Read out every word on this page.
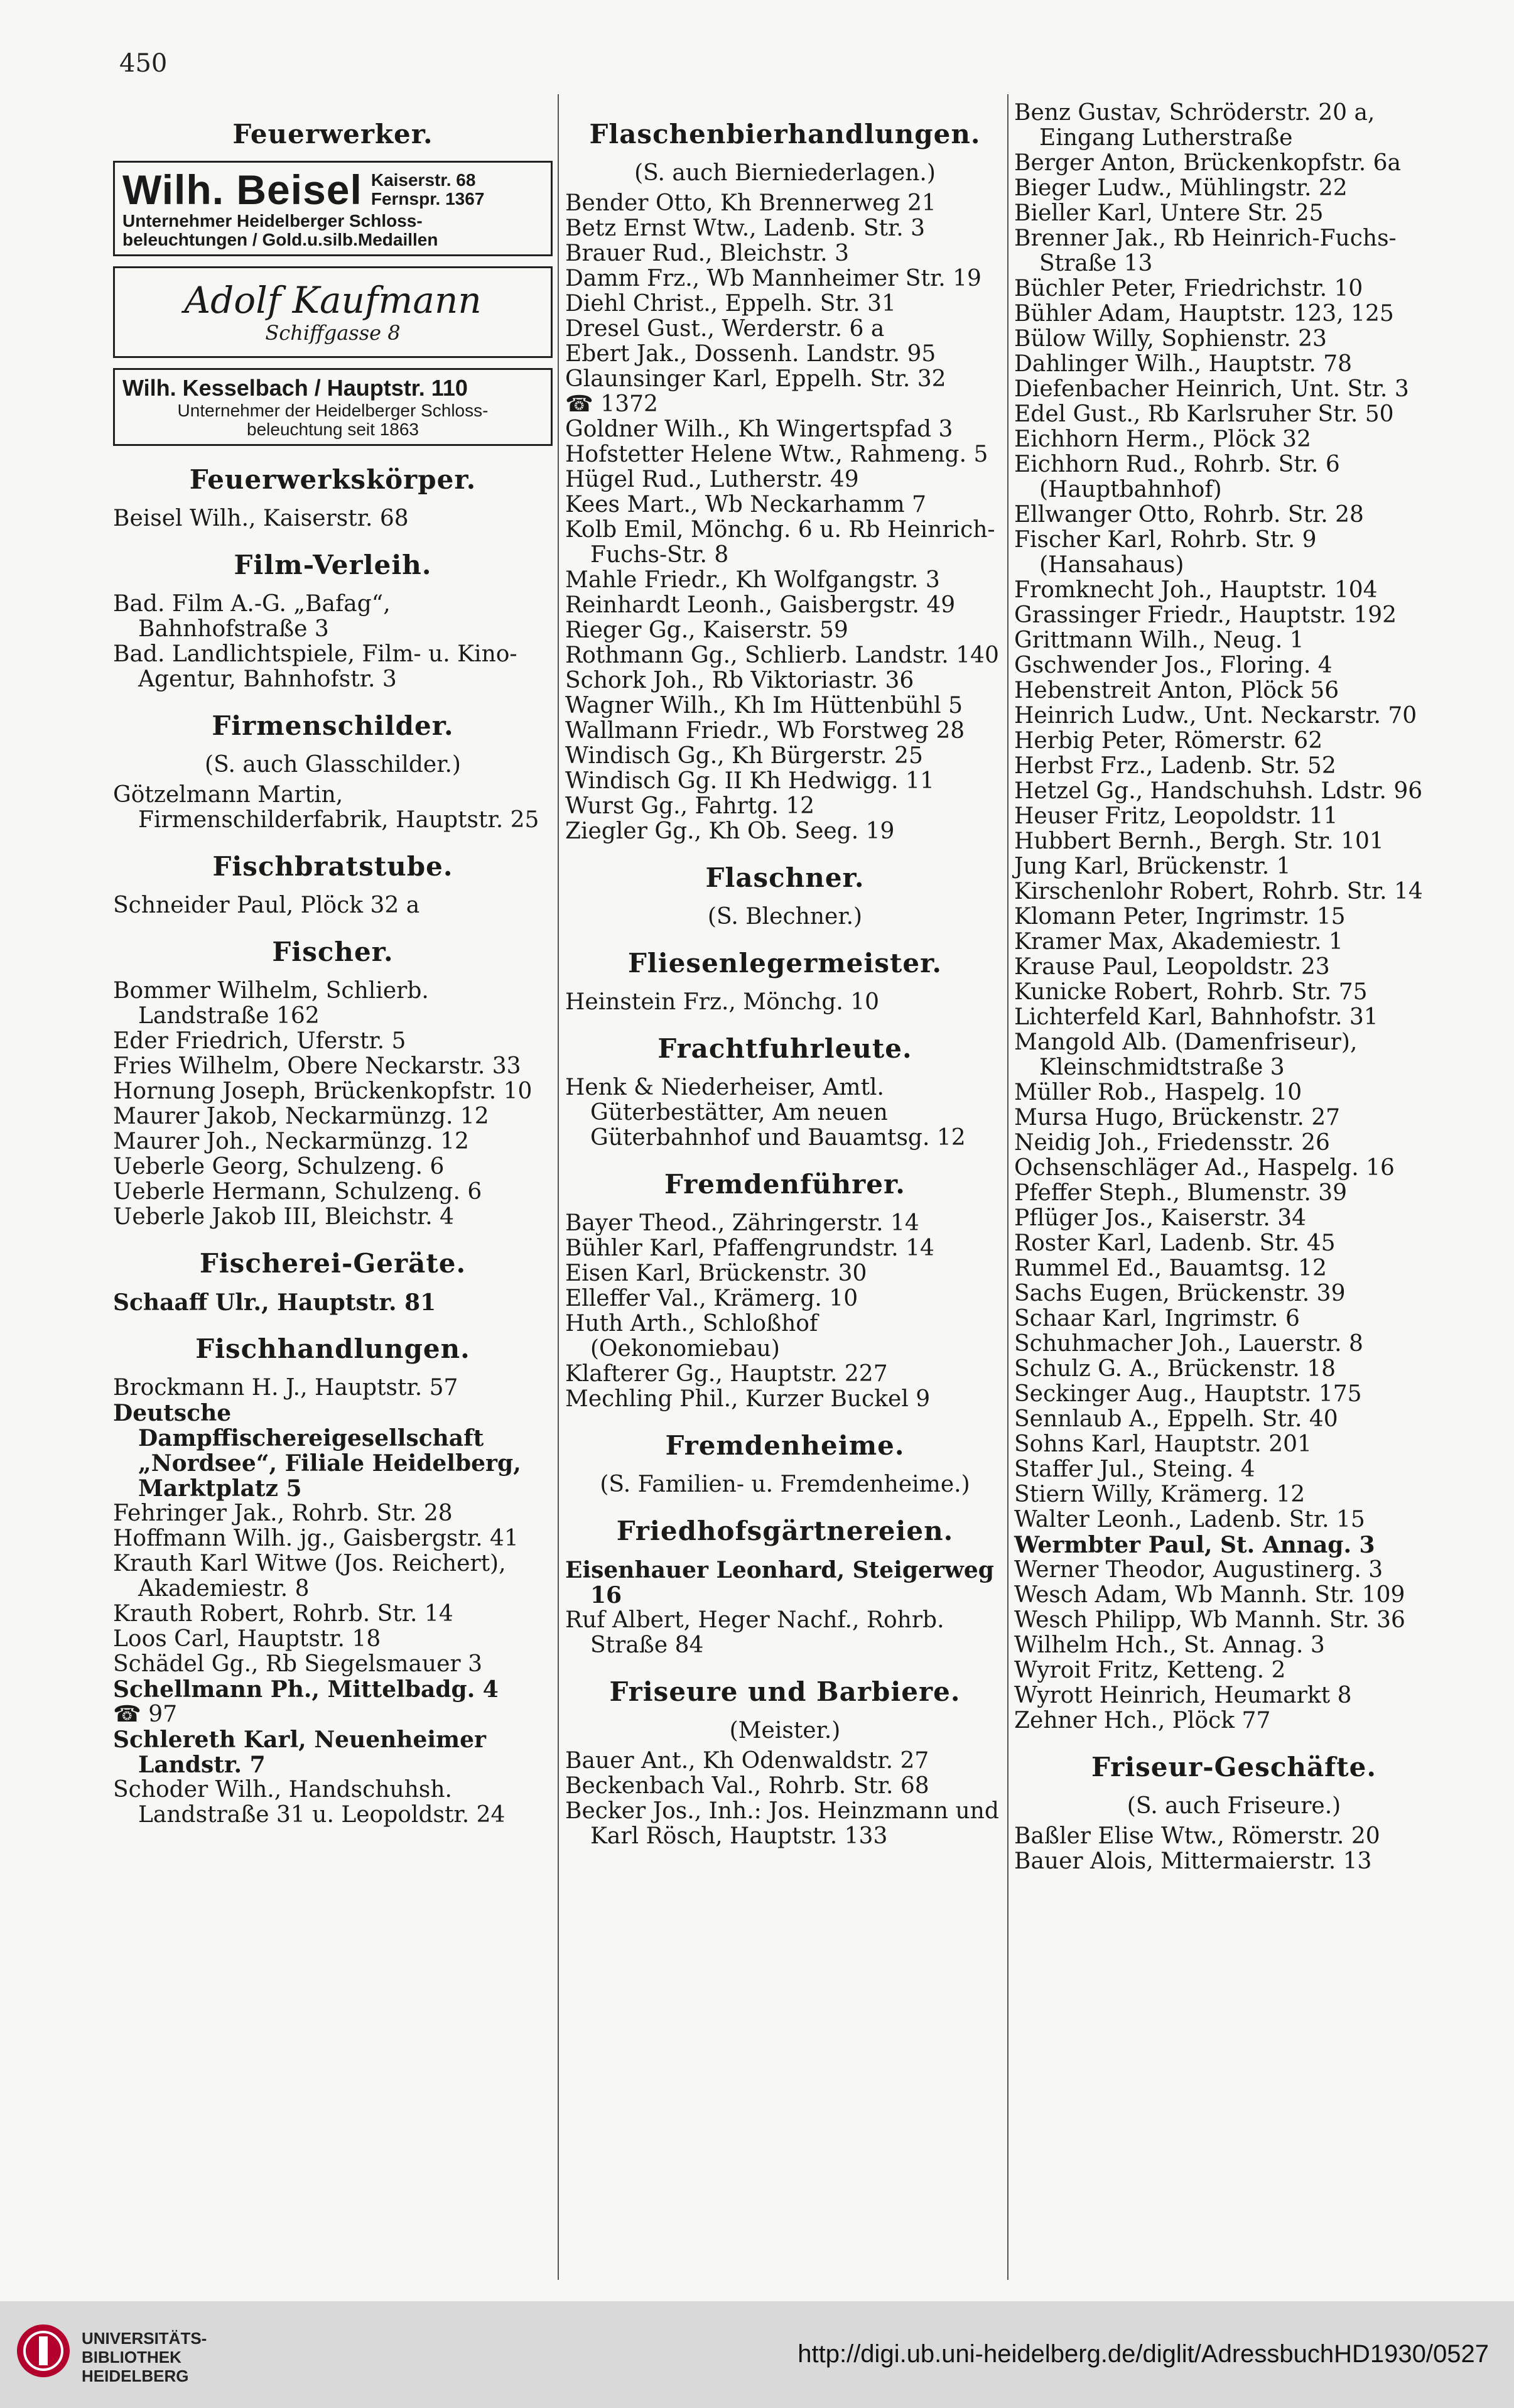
450
Feuerwerker.
Wilh. Beisel Kaiserstr. 68
Fernspr. 1367
Unternehmer Heidelberger Schloss-
beleuchtungen / Gold.u.silb.Medaillen
Adolf Kaufmann
Schiffgasse 8
Wilh. Kesselbach / Hauptstr. 110
Unternehmer der Heidelberger Schloss-
beleuchtung seit 1863
Feuerwerkskörper.
Beisel Wilh., Kaiserstr. 68
Film-Verleih.
Bad. Film A.-G. „Bafag“, Bahnhofstraße 3
Bad. Landlichtspiele, Film- u. Kino-Agentur, Bahnhofstr. 3
Firmenschilder.
(S. auch Glasschilder.)
Götzelmann Martin, Firmenschilderfabrik, Hauptstr. 25
Fischbratstube.
Schneider Paul, Plöck 32 a
Fischer.
Bommer Wilhelm, Schlierb. Landstraße 162
Eder Friedrich, Uferstr. 5
Fries Wilhelm, Obere Neckarstr. 33
Hornung Joseph, Brückenkopfstr. 10
Maurer Jakob, Neckarmünzg. 12
Maurer Joh., Neckarmünzg. 12
Ueberle Georg, Schulzeng. 6
Ueberle Hermann, Schulzeng. 6
Ueberle Jakob III, Bleichstr. 4
Fischerei-Geräte.
Schaaff Ulr., Hauptstr. 81
Fischhandlungen.
Brockmann H. J., Hauptstr. 57
Deutsche Dampffischereigesellschaft „Nordsee“, Filiale Heidelberg, Marktplatz 5
Fehringer Jak., Rohrb. Str. 28
Hoffmann Wilh. jg., Gaisbergstr. 41
Krauth Karl Witwe (Jos. Reichert), Akademiestr. 8
Krauth Robert, Rohrb. Str. 14
Loos Carl, Hauptstr. 18
Schädel Gg., Rb Siegelsmauer 3
Schellmann Ph., Mittelbadg. 4
☎ 97
Schlereth Karl, Neuenheimer Landstr. 7
Schoder Wilh., Handschuhsh. Landstraße 31 u. Leopoldstr. 24
Flaschenbierhandlungen.
(S. auch Bierniederlagen.)
Bender Otto, Kh Brennerweg 21
Betz Ernst Wtw., Ladenb. Str. 3
Brauer Rud., Bleichstr. 3
Damm Frz., Wb Mannheimer Str. 19
Diehl Christ., Eppelh. Str. 31
Dresel Gust., Werderstr. 6 a
Ebert Jak., Dossenh. Landstr. 95
Glaunsinger Karl, Eppelh. Str. 32
☎ 1372
Goldner Wilh., Kh Wingertspfad 3
Hofstetter Helene Wtw., Rahmeng. 5
Hügel Rud., Lutherstr. 49
Kees Mart., Wb Neckarhamm 7
Kolb Emil, Mönchg. 6 u. Rb Heinrich-Fuchs-Str. 8
Mahle Friedr., Kh Wolfgangstr. 3
Reinhardt Leonh., Gaisbergstr. 49
Rieger Gg., Kaiserstr. 59
Rothmann Gg., Schlierb. Landstr. 140
Schork Joh., Rb Viktoriastr. 36
Wagner Wilh., Kh Im Hüttenbühl 5
Wallmann Friedr., Wb Forstweg 28
Windisch Gg., Kh Bürgerstr. 25
Windisch Gg. II Kh Hedwigg. 11
Wurst Gg., Fahrtg. 12
Ziegler Gg., Kh Ob. Seeg. 19
Flaschner.
(S. Blechner.)
Fliesenlegermeister.
Heinstein Frz., Mönchg. 10
Frachtfuhrleute.
Henk & Niederheiser, Amtl. Güterbestätter, Am neuen Güterbahnhof und Bauamtsg. 12
Fremdenführer.
Bayer Theod., Zähringerstr. 14
Bühler Karl, Pfaffengrundstr. 14
Eisen Karl, Brückenstr. 30
Elleffer Val., Krämerg. 10
Huth Arth., Schloßhof (Oekonomiebau)
Klafterer Gg., Hauptstr. 227
Mechling Phil., Kurzer Buckel 9
Fremdenheime.
(S. Familien- u. Fremdenheime.)
Friedhofsgärtnereien.
Eisenhauer Leonhard, Steigerweg 16
Ruf Albert, Heger Nachf., Rohrb. Straße 84
Friseure und Barbiere.
(Meister.)
Bauer Ant., Kh Odenwaldstr. 27
Beckenbach Val., Rohrb. Str. 68
Becker Jos., Inh.: Jos. Heinzmann und Karl Rösch, Hauptstr. 133
Benz Gustav, Schröderstr. 20 a, Eingang Lutherstraße
Berger Anton, Brückenkopfstr. 6a
Bieger Ludw., Mühlingstr. 22
Bieller Karl, Untere Str. 25
Brenner Jak., Rb Heinrich-Fuchs-Straße 13
Büchler Peter, Friedrichstr. 10
Bühler Adam, Hauptstr. 123, 125
Bülow Willy, Sophienstr. 23
Dahlinger Wilh., Hauptstr. 78
Diefenbacher Heinrich, Unt. Str. 3
Edel Gust., Rb Karlsruher Str. 50
Eichhorn Herm., Plöck 32
Eichhorn Rud., Rohrb. Str. 6 (Hauptbahnhof)
Ellwanger Otto, Rohrb. Str. 28
Fischer Karl, Rohrb. Str. 9 (Hansahaus)
Fromknecht Joh., Hauptstr. 104
Grassinger Friedr., Hauptstr. 192
Grittmann Wilh., Neug. 1
Gschwender Jos., Floring. 4
Hebenstreit Anton, Plöck 56
Heinrich Ludw., Unt. Neckarstr. 70
Herbig Peter, Römerstr. 62
Herbst Frz., Ladenb. Str. 52
Hetzel Gg., Handschuhsh. Ldstr. 96
Heuser Fritz, Leopoldstr. 11
Hubbert Bernh., Bergh. Str. 101
Jung Karl, Brückenstr. 1
Kirschenlohr Robert, Rohrb. Str. 14
Klomann Peter, Ingrimstr. 15
Kramer Max, Akademiestr. 1
Krause Paul, Leopoldstr. 23
Kunicke Robert, Rohrb. Str. 75
Lichterfeld Karl, Bahnhofstr. 31
Mangold Alb. (Damenfriseur), Kleinschmidtstraße 3
Müller Rob., Haspelg. 10
Mursa Hugo, Brückenstr. 27
Neidig Joh., Friedensstr. 26
Ochsenschläger Ad., Haspelg. 16
Pfeffer Steph., Blumenstr. 39
Pflüger Jos., Kaiserstr. 34
Roster Karl, Ladenb. Str. 45
Rummel Ed., Bauamtsg. 12
Sachs Eugen, Brückenstr. 39
Schaar Karl, Ingrimstr. 6
Schuhmacher Joh., Lauerstr. 8
Schulz G. A., Brückenstr. 18
Seckinger Aug., Hauptstr. 175
Sennlaub A., Eppelh. Str. 40
Sohns Karl, Hauptstr. 201
Staffer Jul., Steing. 4
Stiern Willy, Krämerg. 12
Walter Leonh., Ladenb. Str. 15
Wermbter Paul, St. Annag. 3
Werner Theodor, Augustinerg. 3
Wesch Adam, Wb Mannh. Str. 109
Wesch Philipp, Wb Mannh. Str. 36
Wilhelm Hch., St. Annag. 3
Wyroit Fritz, Ketteng. 2
Wyrott Heinrich, Heumarkt 8
Zehner Hch., Plöck 77
Friseur-Geschäfte.
(S. auch Friseure.)
Baßler Elise Wtw., Römerstr. 20
Bauer Alois, Mittermaierstr. 13
UNIVERSITÄTS-
BIBLIOTHEK
HEIDELBERG
http://digi.ub.uni-heidelberg.de/diglit/AdressbuchHD1930/0527
